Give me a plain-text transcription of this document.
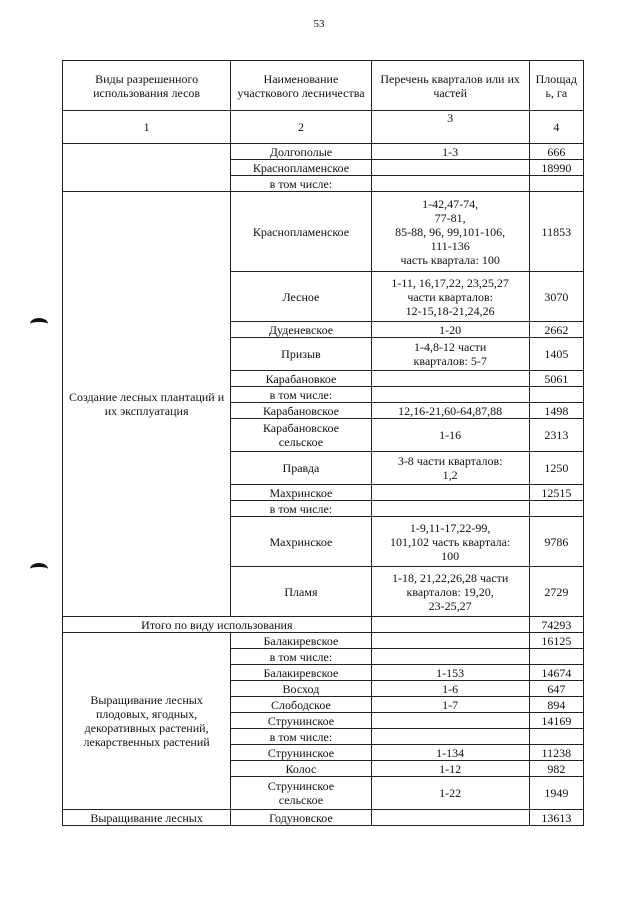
53
Виды разрешенного использования лесов	Наименование участкового лесничества	Перечень кварталов или их частей	Площад ь, га
1	2	3	4
	Долгополые	1-3	666
	Краснопламенское		18990
	в том числе:		
Создание лесных плантаций и их эксплуатация	Краснопламенское	1-42,47-74,
77-81,
85-88, 96, 99,101-106,
111-136
часть квартала: 100	11853
	Лесное	1-11, 16,17,22, 23,25,27
части кварталов:
12-15,18-21,24,26	3070
	Дуденевское	1-20	2662
	Призыв	1-4,8-12 части
кварталов: 5-7	1405
	Карабановкое		5061
	в том числе:		
	Карабановское	12,16-21,60-64,87,88	1498
	Карабановское
сельское	1-16	2313
	Правда	3-8 части кварталов:
1,2	1250
	Махринское		12515
	в том числе:		
	Махринское	1-9,11-17,22-99,
101,102 часть квартала:
100	9786
	Пламя	1-18, 21,22,26,28 части
кварталов: 19,20,
23-25,27	2729
Итого по виду использования			74293
Выращивание лесных плодовых, ягодных, декоративных растений, лекарственных растений	Балакиревское		16125
	в том числе:		
	Балакиревское	1-153	14674
	Восход	1-6	647
	Слободское	1-7	894
	Струнинское		14169
	в том числе:		
	Струнинское	1-134	11238
	Колос	1-12	982
	Струнинское
сельское	1-22	1949
Выращивание лесных	Годуновское		13613
